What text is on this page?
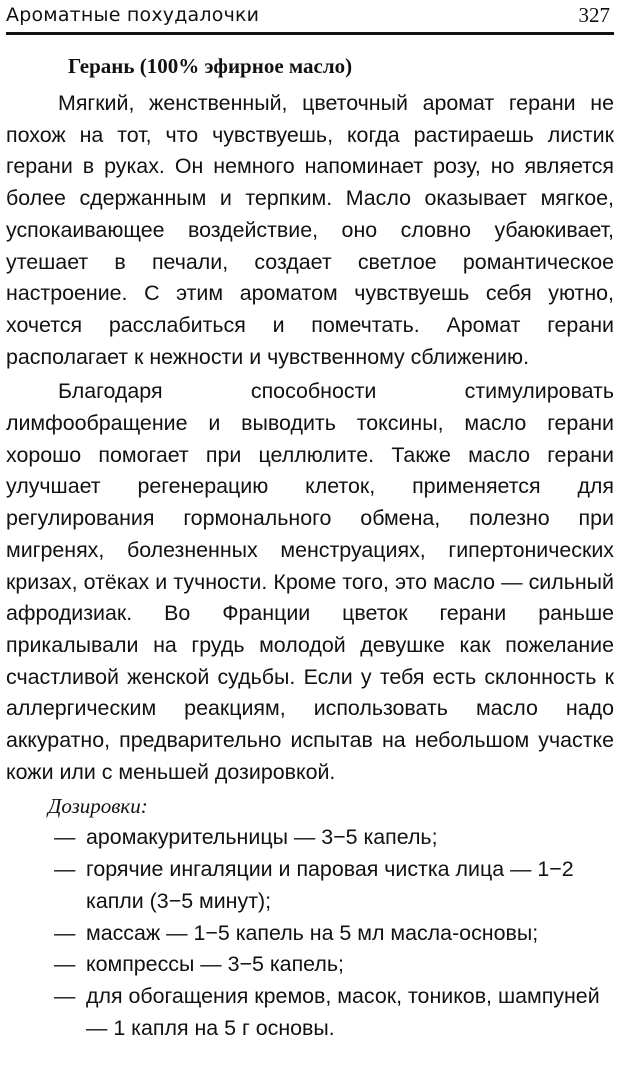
Ароматные похудалочки	327
Герань (100% эфирное масло)

Мягкий, женственный, цветочный аромат герани не похож на тот, что чувствуешь, когда растираешь листик герани в руках. Он немного напоминает розу, но является более сдержанным и терпким. Масло оказывает мягкое, успокаивающее воздействие, оно словно убаюкивает, утешает в печали, создает светлое романтическое настроение. С этим ароматом чувствуешь себя уютно, хочется расслабиться и помечтать. Аромат герани располагает к нежности и чувственному сближению.

Благодаря способности стимулировать лимфообращение и выводить токсины, масло герани хорошо помогает при целлюлите. Также масло герани улучшает регенерацию клеток, применяется для регулирования гормонального обмена, полезно при мигренях, болезненных менструациях, гипертонических кризах, отёках и тучности. Кроме того, это масло — сильный афродизиак. Во Франции цветок герани раньше прикалывали на грудь молодой девушке как пожелание счастливой женской судьбы. Если у тебя есть склонность к аллергическим реакциям, использовать масло надо аккуратно, предварительно испытав на небольшом участке кожи или с меньшей дозировкой.

Дозировки:
— аромакурительницы — 3−5 капель;
— горячие ингаляции и паровая чистка лица — 1−2 капли (3−5 минут);
— массаж — 1−5 капель на 5 мл масла-основы;
— компрессы — 3−5 капель;
— для обогащения кремов, масок, тоников, шампуней — 1 капля на 5 г основы.
